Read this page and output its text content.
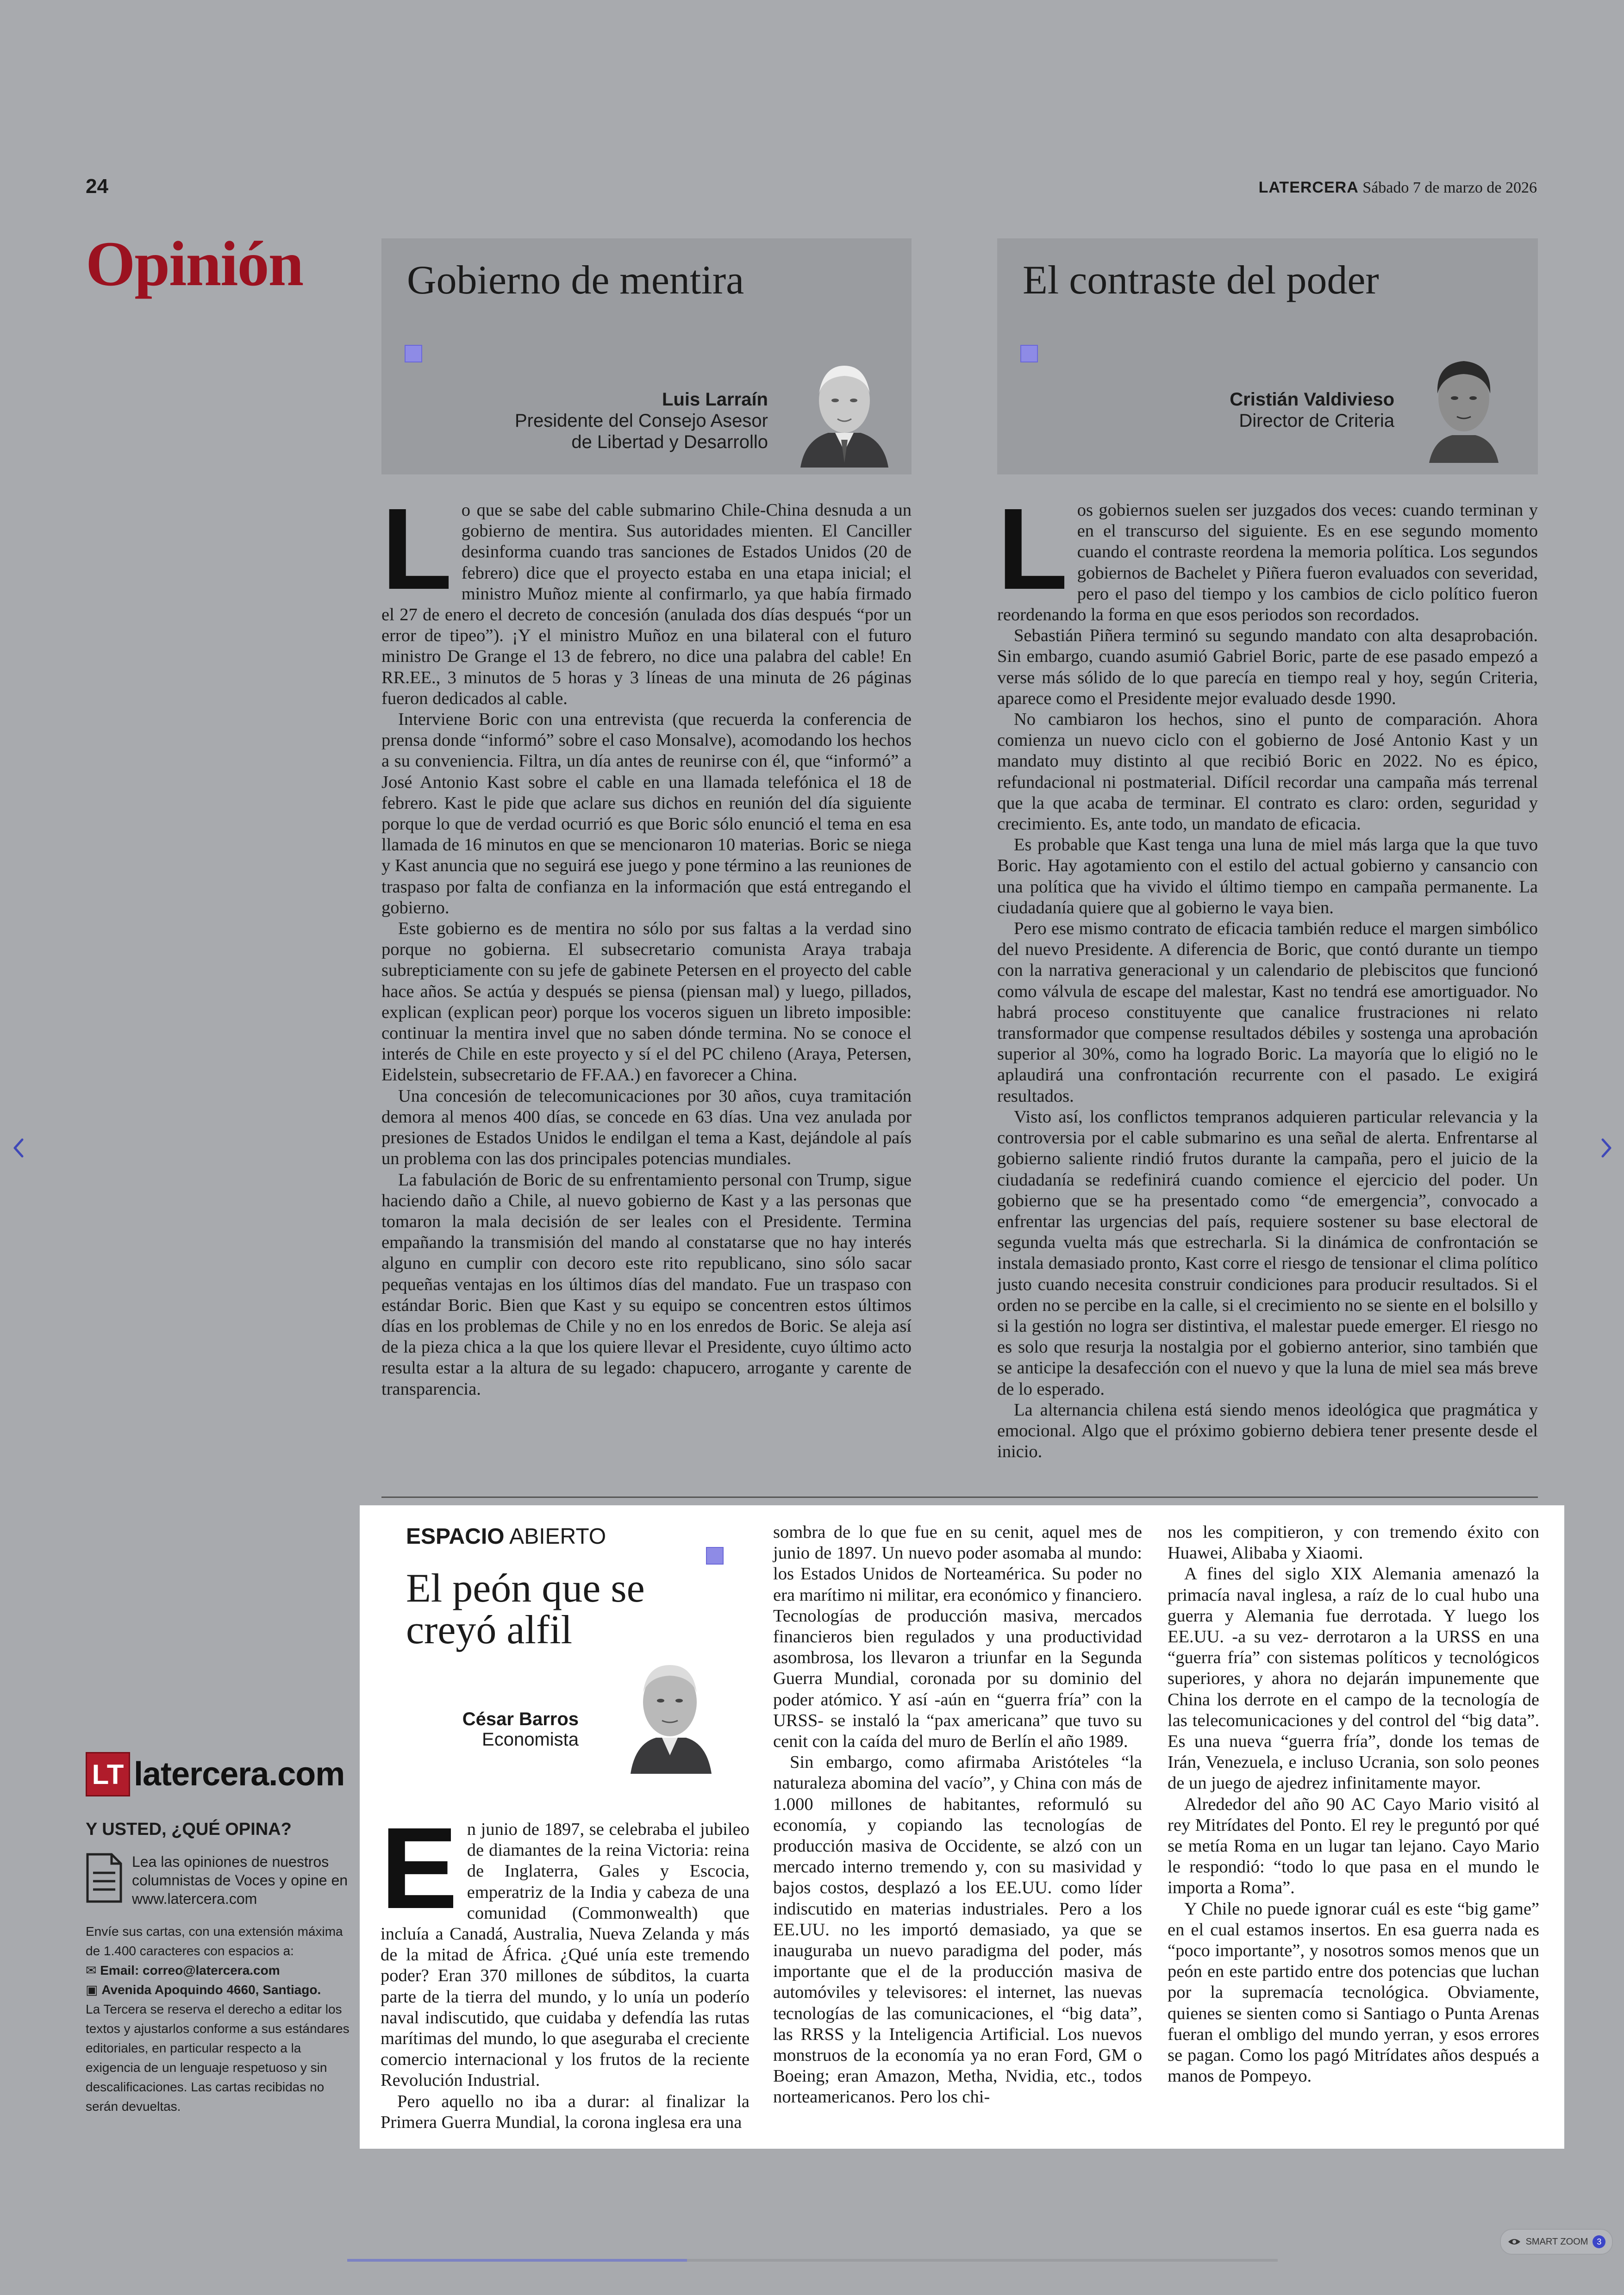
24	LATERCERA Sábado 7 de marzo de 2026
Opinión	Gobierno de mentira
Luis Larraín
Presidente del Consejo Asesor
de Libertad y Desarrollo
El contraste del poder
Cristián Valdivieso
Director de Criteria
L o que se sabe del cable submarino Chile-China desnuda a un gobierno de mentira. Sus autoridades mienten. El Canciller desinforma cuando tras sanciones de Estados Unidos (20 de febrero) dice que el proyecto estaba en una etapa inicial; el ministro Muñoz miente al confirmarlo, ya que había firmado el 27 de enero el decreto de concesión (anulada dos días después “por un error de tipeo”). ¡Y el ministro Muñoz en una bilateral con el futuro ministro De Grange el 13 de febrero, no dice una palabra del cable! En RR.EE., 3 minutos de 5 horas y 3 líneas de una minuta de 26 páginas fueron dedicados al cable.

Interviene Boric con una entrevista (que recuerda la conferencia de prensa donde “informó” sobre el caso Monsalve), acomodando los hechos a su conveniencia. Filtra, un día antes de reunirse con él, que “informó” a José Antonio Kast sobre el cable en una llamada telefónica el 18 de febrero. Kast le pide que aclare sus dichos en reunión del día siguiente porque lo que de verdad ocurrió es que Boric sólo enunció el tema en esa llamada de 16 minutos en que se mencionaron 10 materias. Boric se niega y Kast anuncia que no seguirá ese juego y pone término a las reuniones de traspaso por falta de confianza en la información que está entregando el gobierno.

Este gobierno es de mentira no sólo por sus faltas a la verdad sino porque no gobierna. El subsecretario comunista Araya trabaja subrepticiamente con su jefe de gabinete Petersen en el proyecto del cable hace años. Se actúa y después se piensa (piensan mal) y luego, pillados, explican (explican peor) porque los voceros siguen un libreto imposible: continuar la mentira invel que no saben dónde termina. No se conoce el interés de Chile en este proyecto y sí el del PC chileno (Araya, Petersen, Eidelstein, subsecretario de FF.AA.) en favorecer a China.

Una concesión de telecomunicaciones por 30 años, cuya tramitación demora al menos 400 días, se concede en 63 días. Una vez anulada por presiones de Estados Unidos le endilgan el tema a Kast, dejándole al país un problema con las dos principales potencias mundiales.

La fabulación de Boric de su enfrentamiento personal con Trump, sigue haciendo daño a Chile, al nuevo gobierno de Kast y a las personas que tomaron la mala decisión de ser leales con el Presidente. Termina empañando la transmisión del mando al constatarse que no hay interés alguno en cumplir con decoro este rito republicano, sino sólo sacar pequeñas ventajas en los últimos días del mandato. Fue un traspaso con estándar Boric. Bien que Kast y su equipo se concentren estos últimos días en los problemas de Chile y no en los enredos de Boric. Se aleja así de la pieza chica a la que los quiere llevar el Presidente, cuyo último acto resulta estar a la altura de su legado: chapucero, arrogante y carente de transparencia.

L os gobiernos suelen ser juzgados dos veces: cuando terminan y en el transcurso del siguiente. Es en ese segundo momento cuando el contraste reordena la memoria política. Los segundos gobiernos de Bachelet y Piñera fueron evaluados con severidad, pero el paso del tiempo y los cambios de ciclo político fueron reordenando la forma en que esos periodos son recordados.

Sebastián Piñera terminó su segundo mandato con alta desaprobación. Sin embargo, cuando asumió Gabriel Boric, parte de ese pasado empezó a verse más sólido de lo que parecía en tiempo real y hoy, según Criteria, aparece como el Presidente mejor evaluado desde 1990.

No cambiaron los hechos, sino el punto de comparación. Ahora comienza un nuevo ciclo con el gobierno de José Antonio Kast y un mandato muy distinto al que recibió Boric en 2022. No es épico, refundacional ni postmaterial. Difícil recordar una campaña más terrenal que la que acaba de terminar. El contrato es claro: orden, seguridad y crecimiento. Es, ante todo, un mandato de eficacia.

Es probable que Kast tenga una luna de miel más larga que la que tuvo Boric. Hay agotamiento con el estilo del actual gobierno y cansancio con una política que ha vivido el último tiempo en campaña permanente. La ciudadanía quiere que al gobierno le vaya bien.

Pero ese mismo contrato de eficacia también reduce el margen simbólico del nuevo Presidente. A diferencia de Boric, que contó durante un tiempo con la narrativa generacional y un calendario de plebiscitos que funcionó como válvula de escape del malestar, Kast no tendrá ese amortiguador. No habrá proceso constituyente que canalice frustraciones ni relato transformador que compense resultados débiles y sostenga una aprobación superior al 30%, como ha logrado Boric. La mayoría que lo eligió no le aplaudirá una confrontación recurrente con el pasado. Le exigirá resultados.

Visto así, los conflictos tempranos adquieren particular relevancia y la controversia por el cable submarino es una señal de alerta. Enfrentarse al gobierno saliente rindió frutos durante la campaña, pero el juicio de la ciudadanía se redefinirá cuando comience el ejercicio del poder. Un gobierno que se ha presentado como “de emergencia”, convocado a enfrentar las urgencias del país, requiere sostener su base electoral de segunda vuelta más que estrecharla. Si la dinámica de confrontación se instala demasiado pronto, Kast corre el riesgo de tensionar el clima político justo cuando necesita construir condiciones para producir resultados. Si el orden no se percibe en la calle, si el crecimiento no se siente en el bolsillo y si la gestión no logra ser distintiva, el malestar puede emerger. El riesgo no es solo que resurja la nostalgia por el gobierno anterior, sino también que se anticipe la desafección con el nuevo y que la luna de miel sea más breve de lo esperado.

La alternancia chilena está siendo menos ideológica que pragmática y emocional. Algo que el próximo gobierno debiera tener presente desde el inicio.

ESPACIO ABIERTO
El peón que se creyó alfil
César Barros
Economista
E n junio de 1897, se celebraba el jubileo de diamantes de la reina Victoria: reina de Inglaterra, Gales y Escocia, emperatriz de la India y cabeza de una comunidad (Commonwealth) que incluía a Canadá, Australia, Nueva Zelanda y más de la mitad de África. ¿Qué unía este tremendo poder? Eran 370 millones de súbditos, la cuarta parte de la tierra del mundo, y lo unía un poderío naval indiscutido, que cuidaba y defendía las rutas marítimas del mundo, lo que aseguraba el creciente comercio internacional y los frutos de la reciente Revolución Industrial.

Pero aquello no iba a durar: al finalizar la Primera Guerra Mundial, la corona inglesa era una

sombra de lo que fue en su cenit, aquel mes de junio de 1897. Un nuevo poder asomaba al mundo: los Estados Unidos de Norteamérica. Su poder no era marítimo ni militar, era económico y financiero. Tecnologías de producción masiva, mercados financieros bien regulados y una productividad asombrosa, los llevaron a triunfar en la Segunda Guerra Mundial, coronada por su dominio del poder atómico. Y así -aún en “guerra fría” con la URSS- se instaló la “pax americana” que tuvo su cenit con la caída del muro de Berlín el año 1989.

Sin embargo, como afirmaba Aristóteles “la naturaleza abomina del vacío”, y China con más de 1.000 millones de habitantes, reformuló su economía, y copiando las tecnologías de producción masiva de Occidente, se alzó con un mercado interno tremendo y, con su masividad y bajos costos, desplazó a los EE.UU. como líder indiscutido en materias industriales. Pero a los EE.UU. no les importó demasiado, ya que se inauguraba un nuevo paradigma del poder, más importante que el de la producción masiva de automóviles y televisores: el internet, las nuevas tecnologías de las comunicaciones, el “big data”, las RRSS y la Inteligencia Artificial. Los nuevos monstruos de la economía ya no eran Ford, GM o Boeing; eran Amazon, Metha, Nvidia, etc., todos norteamericanos. Pero los chi-

nos les compitieron, y con tremendo éxito con Huawei, Alibaba y Xiaomi.

A fines del siglo XIX Alemania amenazó la primacía naval inglesa, a raíz de lo cual hubo una guerra y Alemania fue derrotada. Y luego los EE.UU. -a su vez- derrotaron a la URSS en una “guerra fría” con sistemas políticos y tecnológicos superiores, y ahora no dejarán impunemente que China los derrote en el campo de la tecnología de las telecomunicaciones y del control del “big data”. Es una nueva “guerra fría”, donde los temas de Irán, Venezuela, e incluso Ucrania, son solo peones de un juego de ajedrez infinitamente mayor.

Alrededor del año 90 AC Cayo Mario visitó al rey Mitrídates del Ponto. El rey le preguntó por qué se metía Roma en un lugar tan lejano. Cayo Mario le respondió: “todo lo que pasa en el mundo le importa a Roma”.

Y Chile no puede ignorar cuál es este “big game” en el cual estamos insertos. En esa guerra nada es “poco importante”, y nosotros somos menos que un peón en este partido entre dos potencias que luchan por la supremacía tecnológica. Obviamente, quienes se sienten como si Santiago o Punta Arenas fueran el ombligo del mundo yerran, y esos errores se pagan. Como los pagó Mitrídates años después a manos de Pompeyo.

LT latercera.com
Y USTED, ¿QUÉ OPINA?
Lea las opiniones de nuestros columnistas de Voces y opine en www.latercera.com
Envíe sus cartas, con una extensión máxima de 1.400 caracteres con espacios a:
✉ Email: correo@latercera.com
▣ Avenida Apoquindo 4660, Santiago.
La Tercera se reserva el derecho a editar los textos y ajustarlos conforme a sus estándares editoriales, en particular respecto a la exigencia de un lenguaje respetuoso y sin descalificaciones. Las cartas recibidas no serán devueltas.
SMART ZOOM	3
